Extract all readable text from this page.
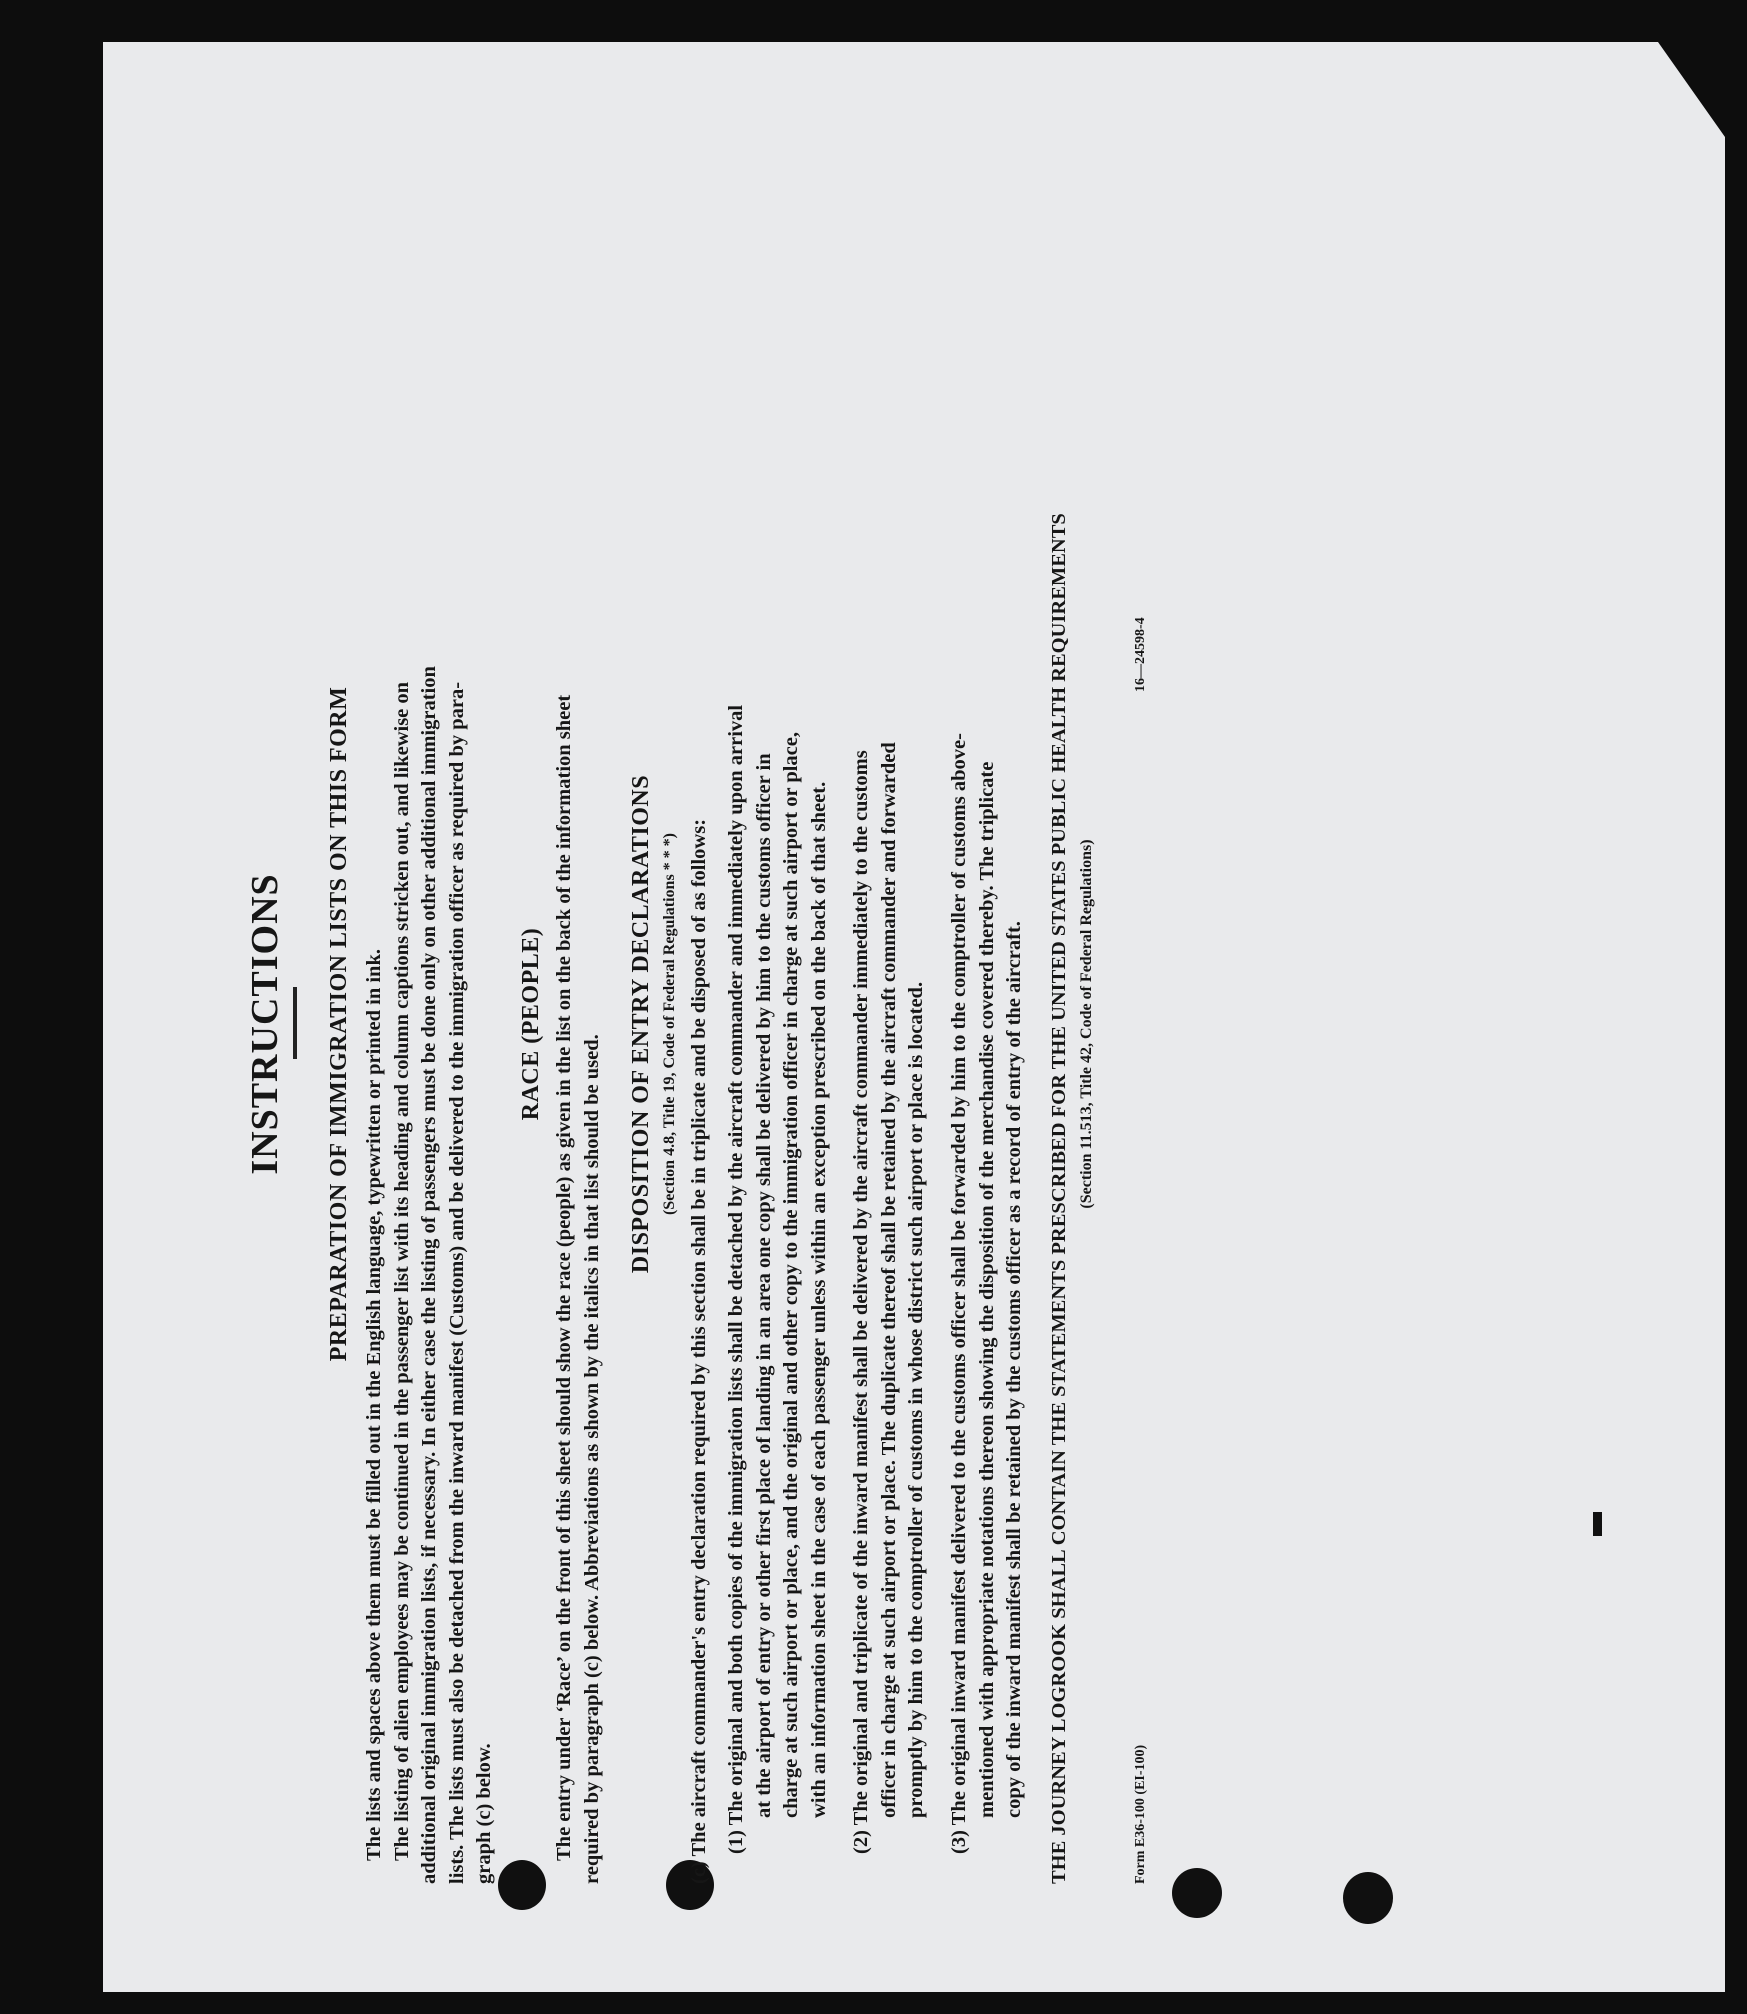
INSTRUCTIONS PREPARATION OF IMMIGRATION LISTS ON THIS FORM The lists and spaces above them must be filled out in the English language, typewritten or printed in ink. The listing of alien employees may be continued in the passenger list with its heading and column captions stricken out, and likewise on additional original immigration lists, if necessary. In either case the listing of passengers must be done only on other additional immigration lists. The lists must also be detached from the inward manifest (Customs) and be delivered to the immigration officer as required by para- graph (c) below.
RACE (PEOPLE) The entry under ‘Race’ on the front of this sheet should show the race (people) as given in the list on the back of the information sheet required by paragraph (c) below. Abbreviations as shown by the italics in that list should be used.
DISPOSITION OF ENTRY DECLARATIONS (Section 4.8, Title 19, Code of Federal Regulations * * *) (c) The aircraft commander's entry declaration required by this section shall be in triplicate and be disposed of as follows: (1) The original and both copies of the immigration lists shall be detached by the aircraft commander and immediately upon arrival at the airport of entry or other first place of landing in an area one copy shall be delivered by him to the customs officer in charge at such airport or place, and the original and other copy to the immigration officer in charge at such airport or place, with an information sheet in the case of each passenger unless within an exception prescribed on the back of that sheet. (2) The original and triplicate of the inward manifest shall be delivered by the aircraft commander immediately to the customs officer in charge at such airport or place. The duplicate thereof shall be retained by the aircraft commander and forwarded promptly by him to the comptroller of customs in whose district such airport or place is located. (3) The original inward manifest delivered to the customs officer shall be forwarded by him to the comptroller of customs above- mentioned with appropriate notations thereon showing the disposition of the merchandise covered thereby. The triplicate copy of the inward manifest shall be retained by the customs officer as a record of entry of the aircraft. THE JOURNEY LOGROOK SHALL CONTAIN THE STATEMENTS PRESCRIBED FOR THE UNITED STATES PUBLIC HEALTH REQUIREMENTS (Section 11.513, Title 42, Code of Federal Regulations)
Form E36-100 (EI-100)
16—24598-4
